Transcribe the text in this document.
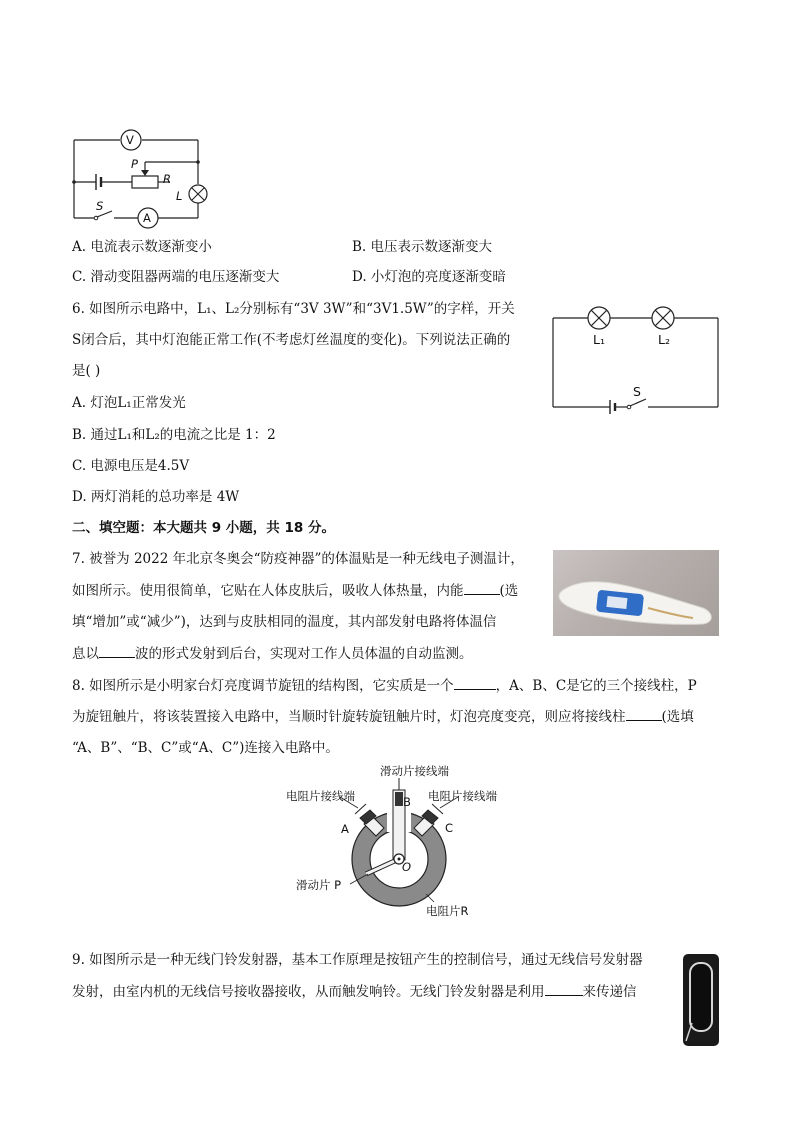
V
A
P
R
L
S
A. 电流表示数逐渐变小	B. 电压表示数逐渐变大
C. 滑动变阻器两端的电压逐渐变大	D. 小灯泡的亮度逐渐变暗
6. 如图所示电路中，L₁、L₂分别标有“3V 3W”和“3V1.5W”的字样，开关
S闭合后，其中灯泡能正常工作(不考虑灯丝温度的变化)。下列说法正确的
是( )
A. 灯泡L₁正常发光
B. 通过L₁和L₂的电流之比是 1：2
C. 电源电压是4.5V
D. 两灯消耗的总功率是 4W
L₁	L₂
S
二、填空题：本大题共 9 小题，共 18 分。
7. 被誉为 2022 年北京冬奥会“防疫神器”的体温贴是一种无线电子测温计，
如图所示。使用很简单，它贴在人体皮肤后，吸收人体热量，内能	(选
填“增加”或“减少”)，达到与皮肤相同的温度，其内部发射电路将体温信
息以	波的形式发射到后台，实现对工作人员体温的自动监测。
8. 如图所示是小明家台灯亮度调节旋钮的结构图，它实质是一个	，A、B、C是它的三个接线柱，P
为旋钮触片，将该装置接入电路中，当顺时针旋转旋钮触片时，灯泡亮度变亮，则应将接线柱	(选填
“A、B”、“B、C”或“A、C”)连接入电路中。
滑动片接线端
电阻片接线端	电阻片接线端
A
B
C
O
滑动片 P
电阻片R
9. 如图所示是一种无线门铃发射器，基本工作原理是按钮产生的控制信号，通过无线信号发射器
发射，由室内机的无线信号接收器接收，从而触发响铃。无线门铃发射器是利用	来传递信
